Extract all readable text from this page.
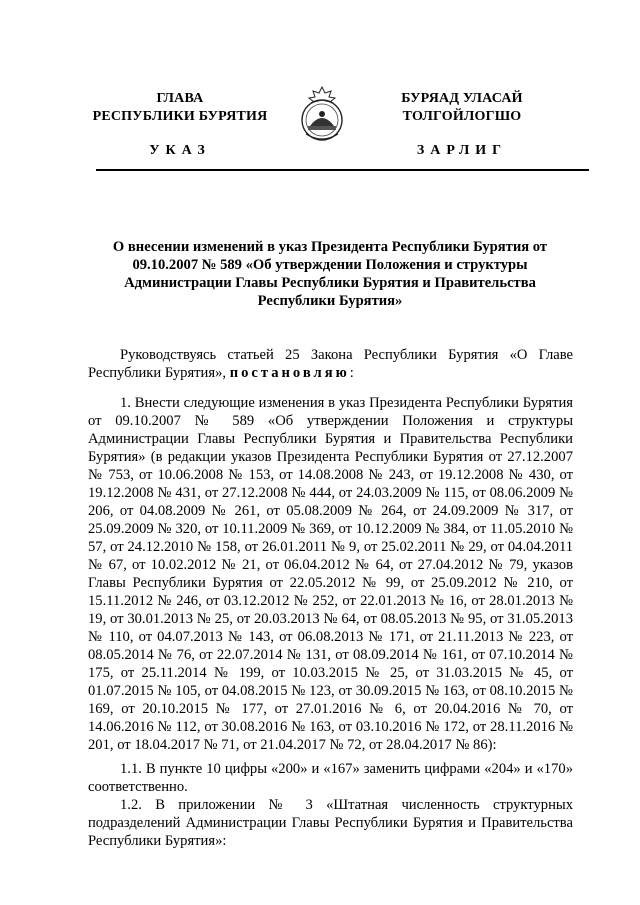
ГЛАВА
РЕСПУБЛИКИ БУРЯТИЯ
УКАЗ
БУРЯАД УЛАСАЙ
ТОЛГОЙЛОГШО
ЗАРЛИГ
О внесении изменений в указ Президента Республики Бурятия от 09.10.2007 № 589 «Об утверждении Положения и структуры Администрации Главы Республики Бурятия и Правительства Республики Бурятия»
Руководствуясь статьей 25 Закона Республики Бурятия «О Главе Республики Бурятия», постановляю:
1. Внести следующие изменения в указ Президента Республики Бурятия от 09.10.2007 № 589 «Об утверждении Положения и структуры Администрации Главы Республики Бурятия и Правительства Республики Бурятия» (в редакции указов Президента Республики Бурятия от 27.12.2007 № 753, от 10.06.2008 № 153, от 14.08.2008 № 243, от 19.12.2008 № 430, от 19.12.2008 № 431, от 27.12.2008 № 444, от 24.03.2009 № 115, от 08.06.2009 № 206, от 04.08.2009 № 261, от 05.08.2009 № 264, от 24.09.2009 № 317, от 25.09.2009 № 320, от 10.11.2009 № 369, от 10.12.2009 № 384, от 11.05.2010 № 57, от 24.12.2010 № 158, от 26.01.2011 № 9, от 25.02.2011 № 29, от 04.04.2011 № 67, от 10.02.2012 № 21, от 06.04.2012 № 64, от 27.04.2012 № 79, указов Главы Республики Бурятия от 22.05.2012 № 99, от 25.09.2012 № 210, от 15.11.2012 № 246, от 03.12.2012 № 252, от 22.01.2013 № 16, от 28.01.2013 № 19, от 30.01.2013 № 25, от 20.03.2013 № 64, от 08.05.2013 № 95, от 31.05.2013 № 110, от 04.07.2013 № 143, от 06.08.2013 № 171, от 21.11.2013 № 223, от 08.05.2014 № 76, от 22.07.2014 № 131, от 08.09.2014 № 161, от 07.10.2014 № 175, от 25.11.2014 № 199, от 10.03.2015 № 25, от 31.03.2015 № 45, от 01.07.2015 № 105, от 04.08.2015 № 123, от 30.09.2015 № 163, от 08.10.2015 № 169, от 20.10.2015 № 177, от 27.01.2016 № 6, от 20.04.2016 № 70, от 14.06.2016 № 112, от 30.08.2016 № 163, от 03.10.2016 № 172, от 28.11.2016 № 201, от 18.04.2017 № 71, от 21.04.2017 № 72, от 28.04.2017 № 86):
1.1. В пункте 10 цифры «200» и «167» заменить цифрами «204» и «170» соответственно.
1.2. В приложении № 3 «Штатная численность структурных подразделений Администрации Главы Республики Бурятия и Правительства Республики Бурятия»:
